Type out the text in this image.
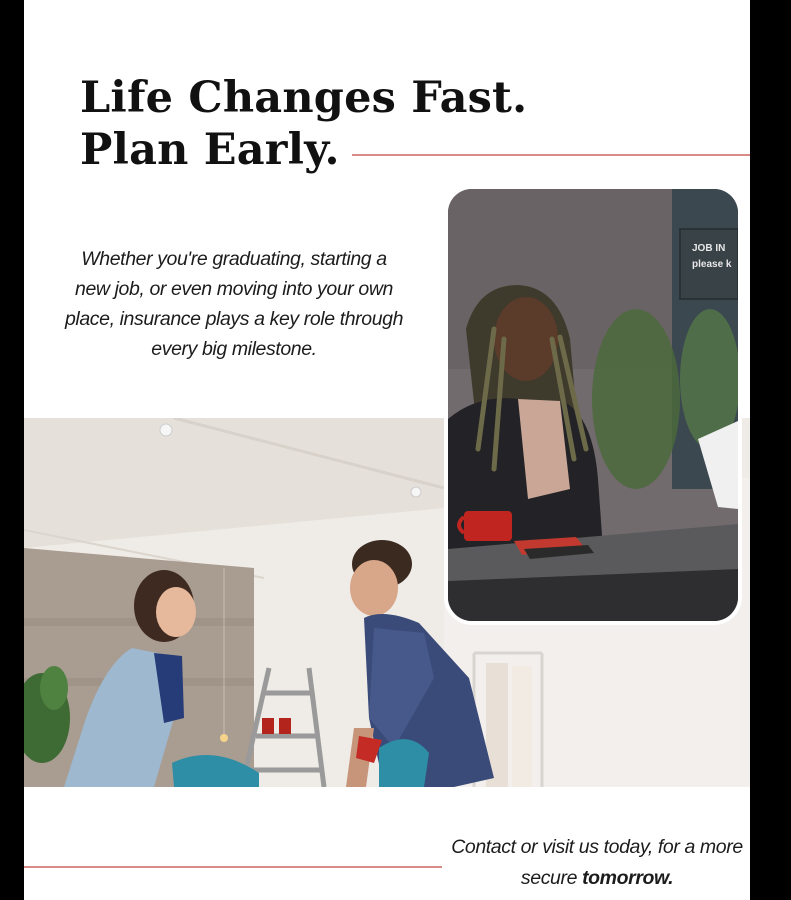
Life Changes Fast.
Plan Early.

Whether you're graduating, starting a new job, or even moving into your own place, insurance plays a key role through every big milestone.

JOB IN
please k

Contact or visit us today, for a more secure tomorrow.
